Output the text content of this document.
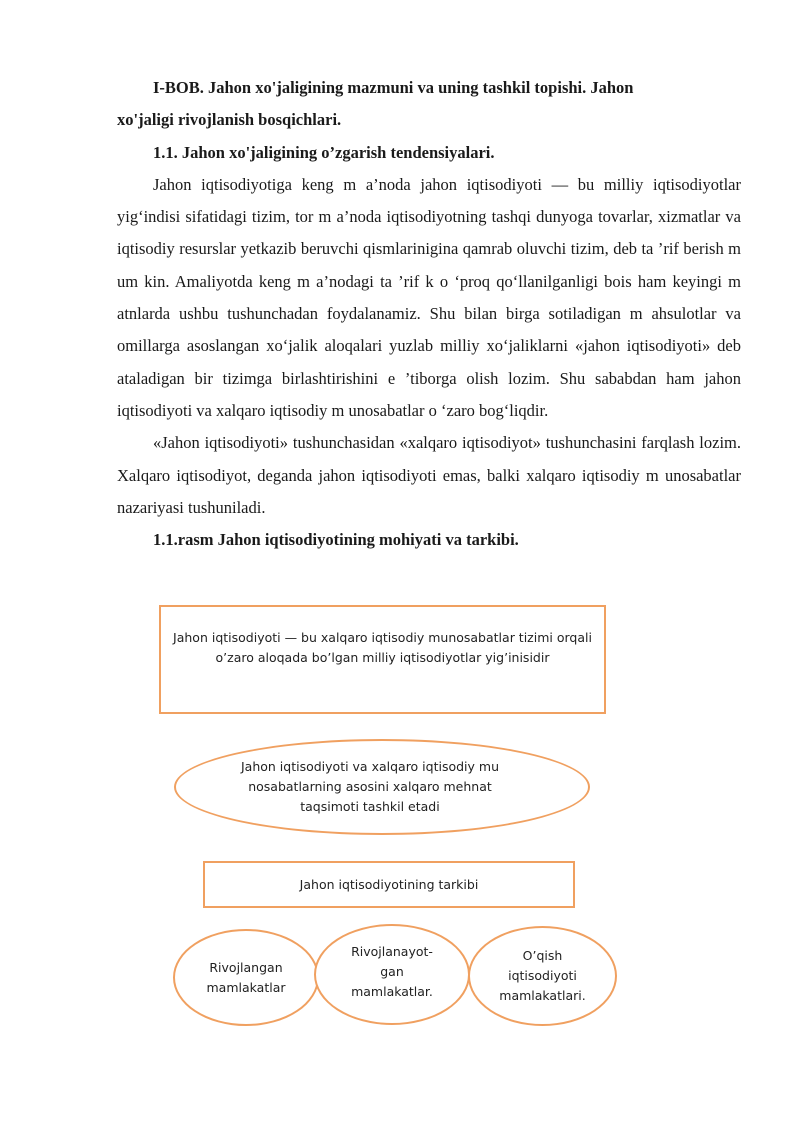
I-BOB. Jahon xo'jaligining mazmuni va uning tashkil topishi. Jahon
xo'jaligi rivojlanish bosqichlari.
1.1. Jahon xo'jaligining o’zgarish tendensiyalari.
Jahon iqtisodiyotiga keng m a’noda jahon iqtisodiyoti — bu milliy iqtisodiyotlar yig‘indisi sifatidagi tizim, tor m a’noda iqtisodiyotning tashqi dunyoga tovarlar, xizmatlar va iqtisodiy resurslar yetkazib beruvchi qismlarinigina qamrab oluvchi tizim, deb ta ’rif berish m um kin. Amaliyotda keng m a’nodagi ta ’rif k o ‘proq qo‘llanilganligi bois ham keyingi m atnlarda ushbu tushunchadan foydalanamiz. Shu bilan birga sotiladigan m ahsulotlar va omillarga asoslangan xo‘jalik aloqalari yuzlab milliy xo‘jaliklarni «jahon iqtisodiyoti» deb ataladigan bir tizimga birlashtirishini e ’tiborga olish lozim. Shu sababdan ham jahon iqtisodiyoti va xalqaro iqtisodiy m unosabatlar o ‘zaro bog‘liqdir.
«Jahon iqtisodiyoti» tushunchasidan «xalqaro iqtisodiyot» tushunchasini farqlash lozim. Xalqaro iqtisodiyot, deganda jahon iqtisodiyoti emas, balki xalqaro iqtisodiy m unosabatlar nazariyasi tushuniladi.
1.1.rasm Jahon iqtisodiyotining mohiyati va tarkibi.
Jahon iqtisodiyoti — bu xalqaro iqtisodiy munosabatlar tizimi orqali
o’zaro aloqada bo’lgan milliy iqtisodiyotlar yig’inisidir
Jahon iqtisodiyoti va xalqaro iqtisodiy mu
nosabatlarning asosini xalqaro mehnat
taqsimoti tashkil etadi
Jahon iqtisodiyotining tarkibi
Rivojlangan
mamlakatlar
Rivojlanayot-
gan
mamlakatlar.
O’qish
iqtisodiyoti
mamlakatlari.
